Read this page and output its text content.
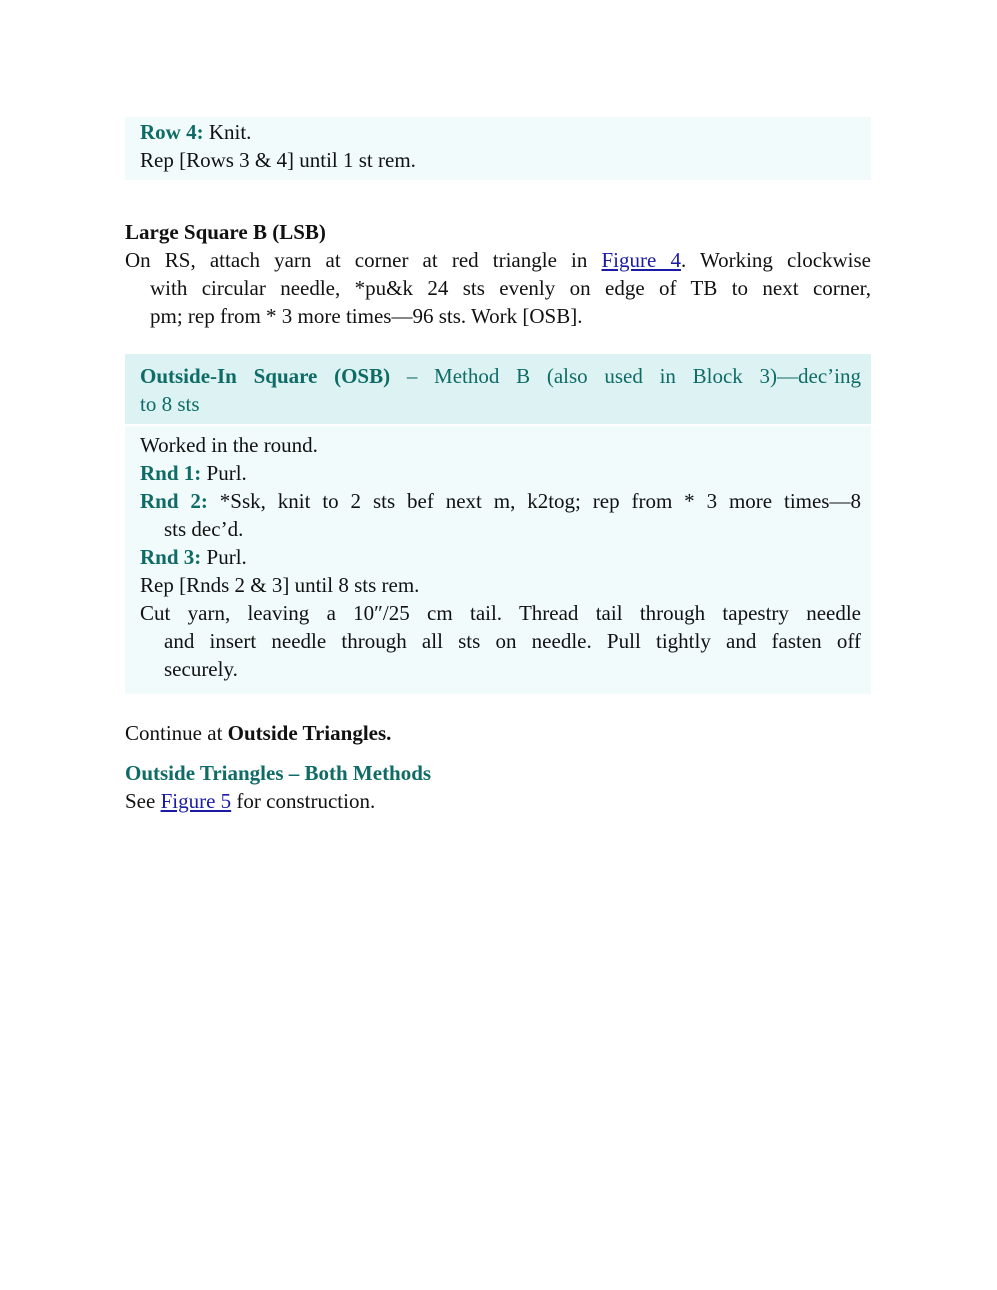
Row 4: Knit.
Rep [Rows 3 & 4] until 1 st rem.
Large Square B (LSB)
On RS, attach yarn at corner at red triangle in Figure 4. Working clockwise
with circular needle, *pu&k 24 sts evenly on edge of TB to next corner,
pm; rep from * 3 more times—96 sts. Work [OSB].
Outside-In Square (OSB) – Method B (also used in Block 3)—dec’ing
to 8 sts
Worked in the round.
Rnd 1: Purl.
Rnd 2: *Ssk, knit to 2 sts bef next m, k2tog; rep from * 3 more times—8
sts dec’d.
Rnd 3: Purl.
Rep [Rnds 2 & 3] until 8 sts rem.
Cut yarn, leaving a 10″/25 cm tail. Thread tail through tapestry needle
and insert needle through all sts on needle. Pull tightly and fasten off
securely.
Continue at Outside Triangles.
Outside Triangles – Both Methods
See Figure 5 for construction.
